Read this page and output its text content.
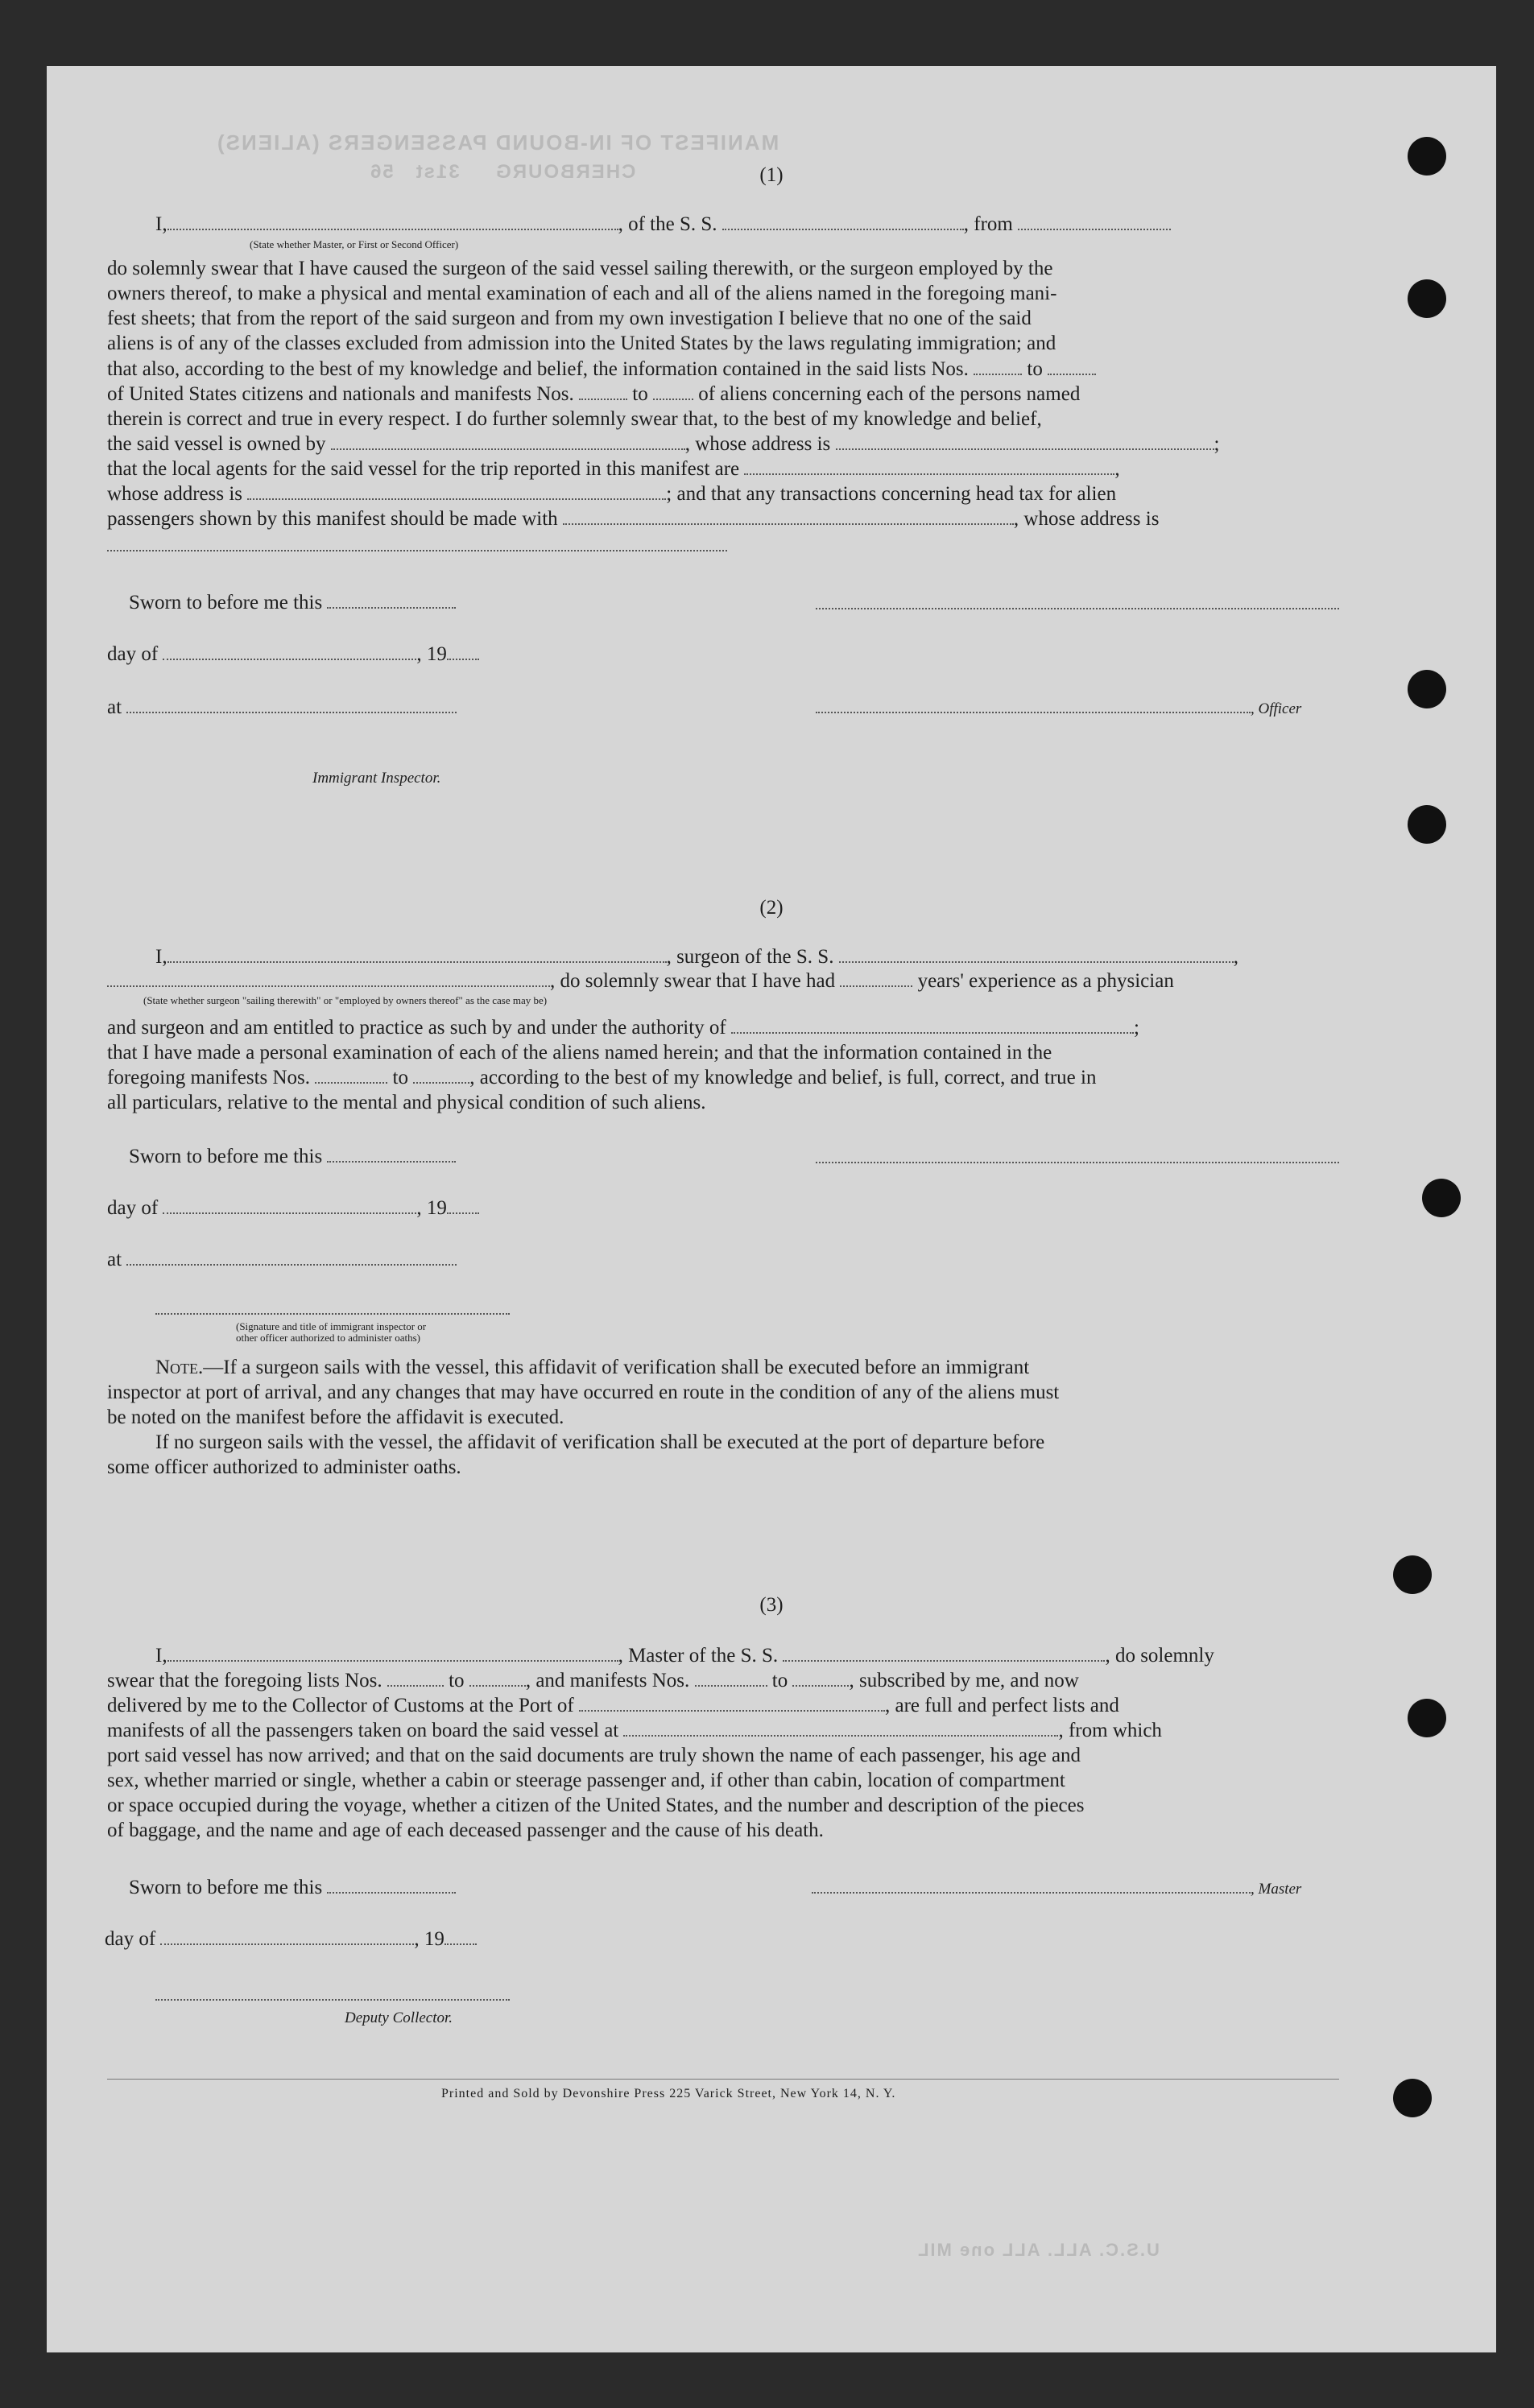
MANIFEST OF IN-BOUND PASSENGERS (ALIENS)
CHERBOURG     31st   56
U.S.C. ALL. ALL one MIL
(1)
I,	, of the S. S.	, from
(State whether Master, or First or Second Officer)

do solemnly swear that I have caused the surgeon of the said vessel sailing therewith, or the surgeon employed by the

owners thereof, to make a physical and mental examination of each and all of the aliens named in the foregoing mani-

fest sheets; that from the report of the said surgeon and from my own investigation I believe that no one of the said

aliens is of any of the classes excluded from admission into the United States by the laws regulating immigration; and

that also, according to the best of my knowledge and belief, the information contained in the said lists Nos.	to
of United States citizens and nationals and manifests Nos.	to	of aliens concerning each of the persons named
therein is correct and true in every respect. I do further solemnly swear that, to the best of my knowledge and belief,
the said vessel is owned by	, whose address is	;
that the local agents for the said vessel for the trip reported in this manifest are	,
whose address is	; and that any transactions concerning head tax for alien
passengers shown by this manifest should be made with	, whose address is
Sworn to before me this
day of	, 19
at	, Officer
Immigrant Inspector.
(2)
I,	, surgeon of the S. S.	,
, do solemnly swear that I have had	years' experience as a physician
(State whether surgeon "sailing therewith" or "employed by owners thereof" as the case may be)
and surgeon and am entitled to practice as such by and under the authority of	;
that I have made a personal examination of each of the aliens named herein; and that the information contained in the
foregoing manifests Nos.	to	, according to the best of my knowledge and belief, is full, correct, and true in
all particulars, relative to the mental and physical condition of such aliens.
Sworn to before me this
day of	, 19
at
(Signature and title of immigrant inspector or
other officer authorized to administer oaths)
Note.—If a surgeon sails with the vessel, this affidavit of verification shall be executed before an immigrant
inspector at port of arrival, and any changes that may have occurred en route in the condition of any of the aliens must
be noted on the manifest before the affidavit is executed.
If no surgeon sails with the vessel, the affidavit of verification shall be executed at the port of departure before
some officer authorized to administer oaths.
(3)
I,	, Master of the S. S.	, do solemnly
swear that the foregoing lists Nos.	to	, and manifests Nos.	to	, subscribed by me, and now
delivered by me to the Collector of Customs at the Port of	, are full and perfect lists and
manifests of all the passengers taken on board the said vessel at	, from which
port said vessel has now arrived; and that on the said documents are truly shown the name of each passenger, his age and
sex, whether married or single, whether a cabin or steerage passenger and, if other than cabin, location of compartment
or space occupied during the voyage, whether a citizen of the United States, and the number and description of the pieces
of baggage, and the name and age of each deceased passenger and the cause of his death.
Sworn to before me this	, Master
day of	, 19
Deputy Collector.
Printed and Sold by Devonshire Press 225 Varick Street, New York 14, N. Y.
